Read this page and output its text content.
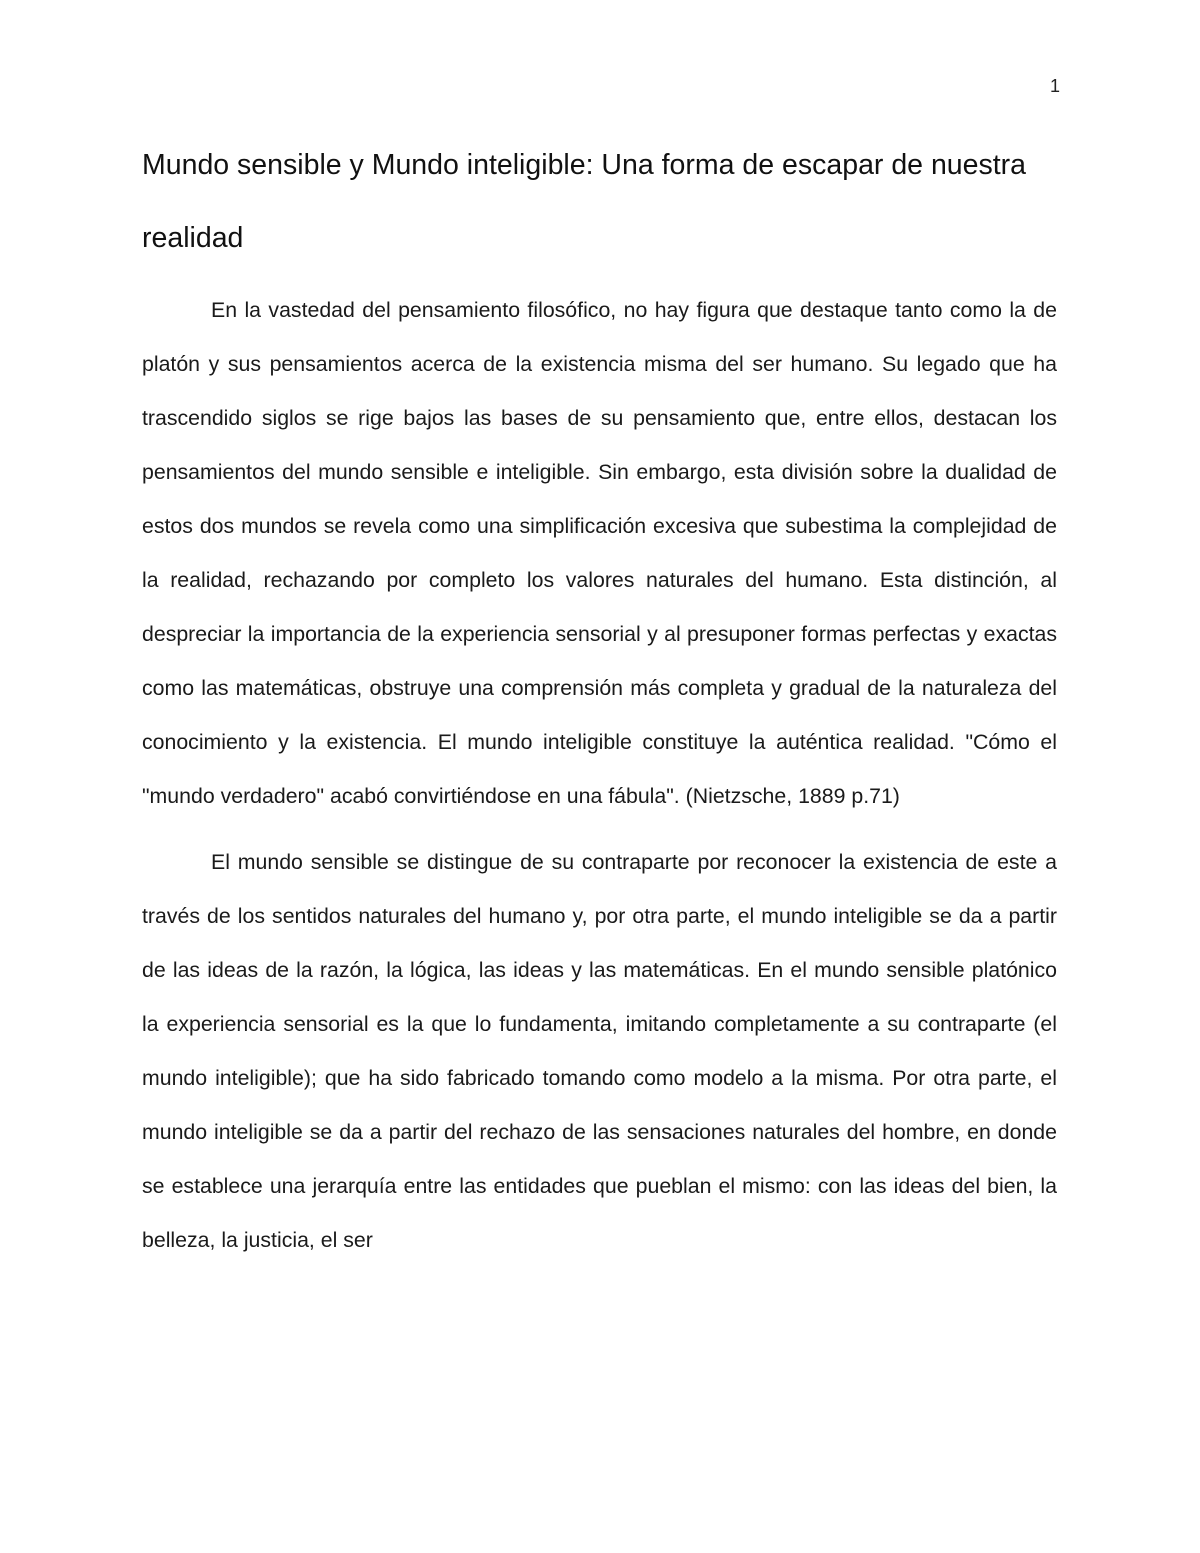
1
Mundo sensible y Mundo inteligible: Una forma de escapar de nuestra realidad

En la vastedad del pensamiento filosófico, no hay figura que destaque tanto como la de platón y sus pensamientos acerca de la existencia misma del ser humano. Su legado que ha trascendido siglos se rige bajos las bases de su pensamiento que, entre ellos, destacan los pensamientos del mundo sensible e inteligible. Sin embargo, esta división sobre la dualidad de estos dos mundos se revela como una simplificación excesiva que subestima la complejidad de la realidad, rechazando por completo los valores naturales del humano. Esta distinción, al despreciar la importancia de la experiencia sensorial y al presuponer formas perfectas y exactas como las matemáticas, obstruye una comprensión más completa y gradual de la naturaleza del conocimiento y la existencia. El mundo inteligible constituye la auténtica realidad. "Cómo el "mundo verdadero" acabó convirtiéndose en una fábula". (Nietzsche, 1889 p.71)

El mundo sensible se distingue de su contraparte por reconocer la existencia de este a través de los sentidos naturales del humano y, por otra parte, el mundo inteligible se da a partir de las ideas de la razón, la lógica, las ideas y las matemáticas. En el mundo sensible platónico la experiencia sensorial es la que lo fundamenta, imitando completamente a su contraparte (el mundo inteligible); que ha sido fabricado tomando como modelo a la misma. Por otra parte, el mundo inteligible se da a partir del rechazo de las sensaciones naturales del hombre, en donde se establece una jerarquía entre las entidades que pueblan el mismo: con las ideas del bien, la belleza, la justicia, el ser
